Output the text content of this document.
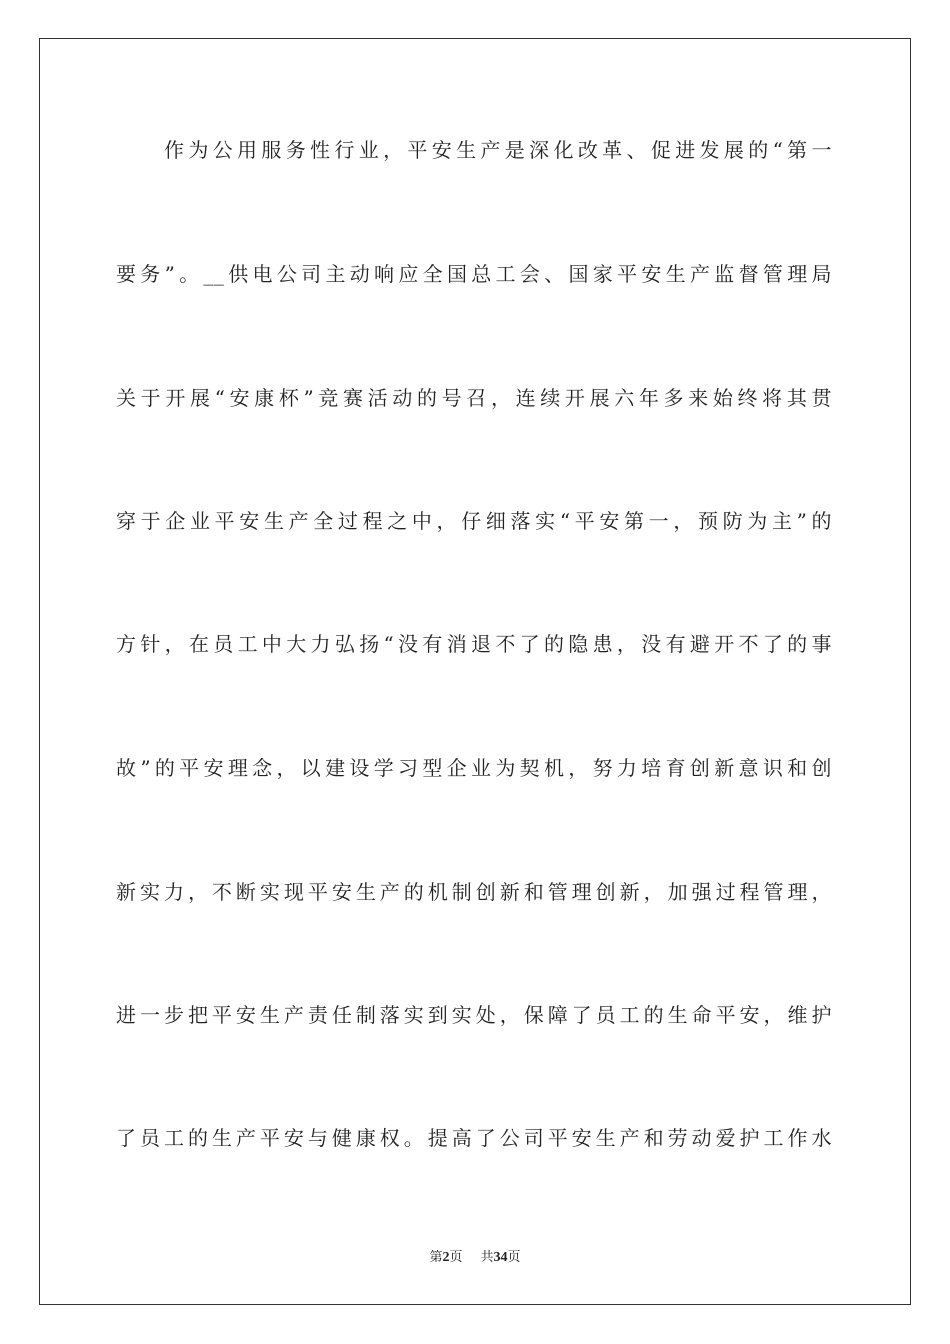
作为公用服务性行业，平安生产是深化改革、促进发展的“第一
要务”。__供电公司主动响应全国总工会、国家平安生产监督管理局
关于开展“安康杯”竞赛活动的号召，连续开展六年多来始终将其贯
穿于企业平安生产全过程之中，仔细落实“平安第一，预防为主”的
方针，在员工中大力弘扬“没有消退不了的隐患，没有避开不了的事
故”的平安理念，以建设学习型企业为契机，努力培育创新意识和创
新实力，不断实现平安生产的机制创新和管理创新，加强过程管理，
进一步把平安生产责任制落实到实处，保障了员工的生命平安，维护
了员工的生产平安与健康权。提高了公司平安生产和劳动爱护工作水
第2页 共34页
